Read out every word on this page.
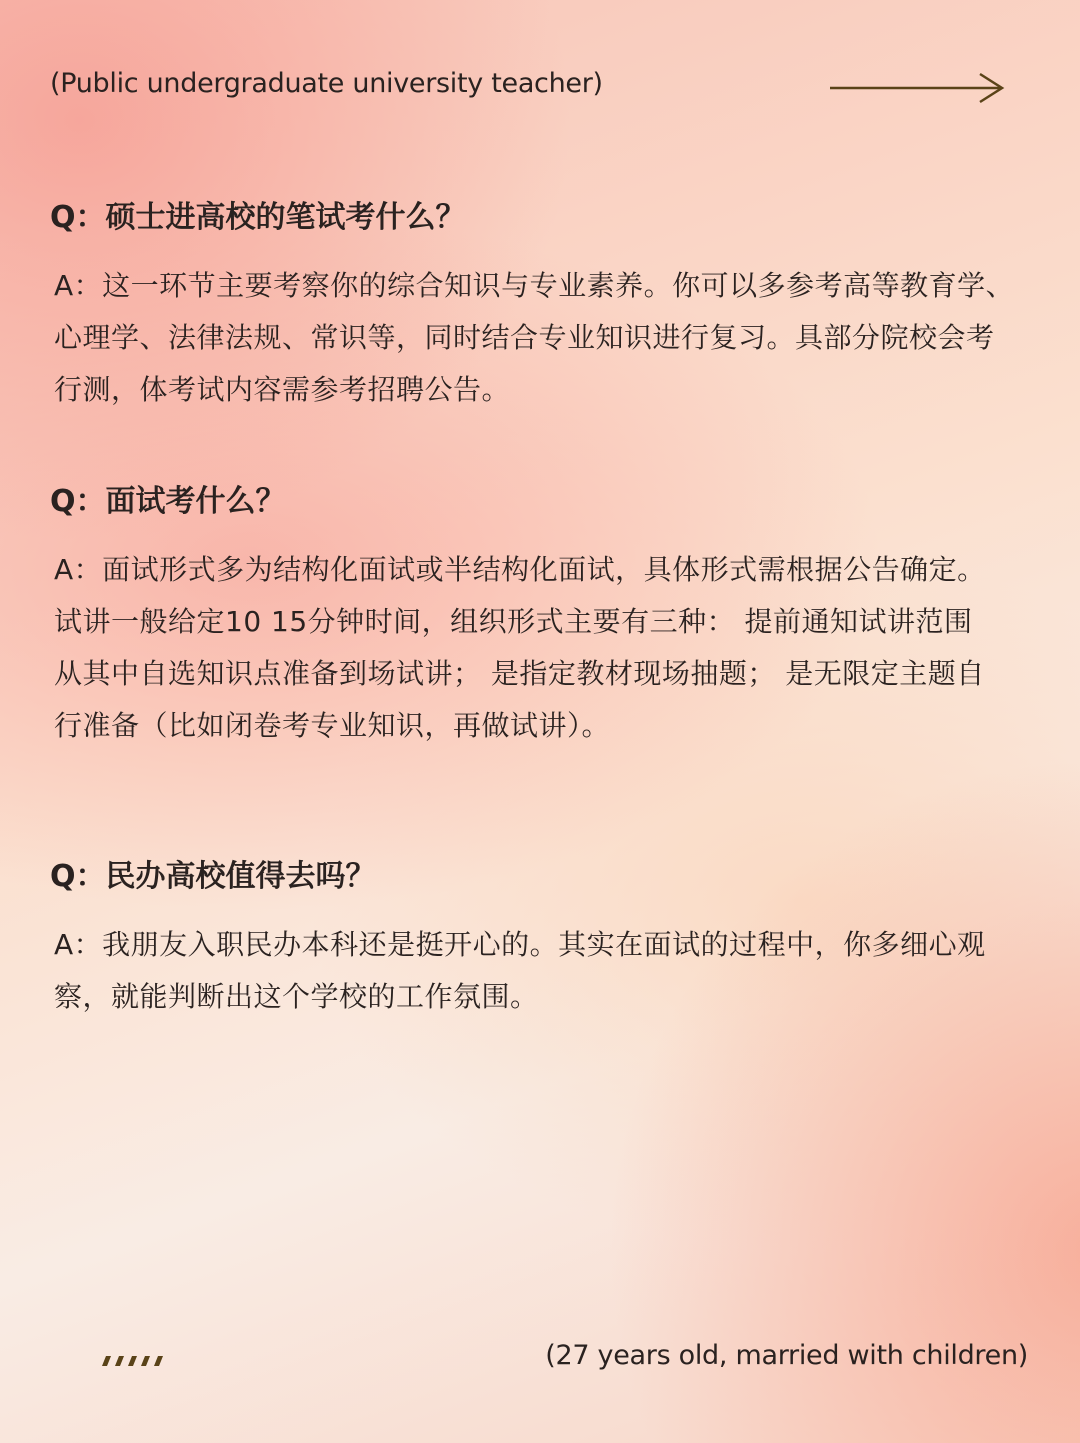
(Public undergraduate university teacher)
Q：硕士进高校的笔试考什么？

A：这一环节主要考察你的综合知识与专业素养。你可以多参考高等教育学、

心理学、法律法规、常识等，同时结合专业知识进行复习。具部分院校会考

行测，体考试内容需参考招聘公告。

Q：面试考什么？

A：面试形式多为结构化面试或半结构化面试，具体形式需根据公告确定。

试讲一般给定10 15分钟时间，组织形式主要有三种： 提前通知试讲范围

从其中自选知识点准备到场试讲； 是指定教材现场抽题； 是无限定主题自

行准备（比如闭卷考专业知识，再做试讲）。

Q：民办高校值得去吗？

A：我朋友入职民办本科还是挺开心的。其实在面试的过程中，你多细心观

察，就能判断出这个学校的工作氛围。

(27 years old, married with children)
